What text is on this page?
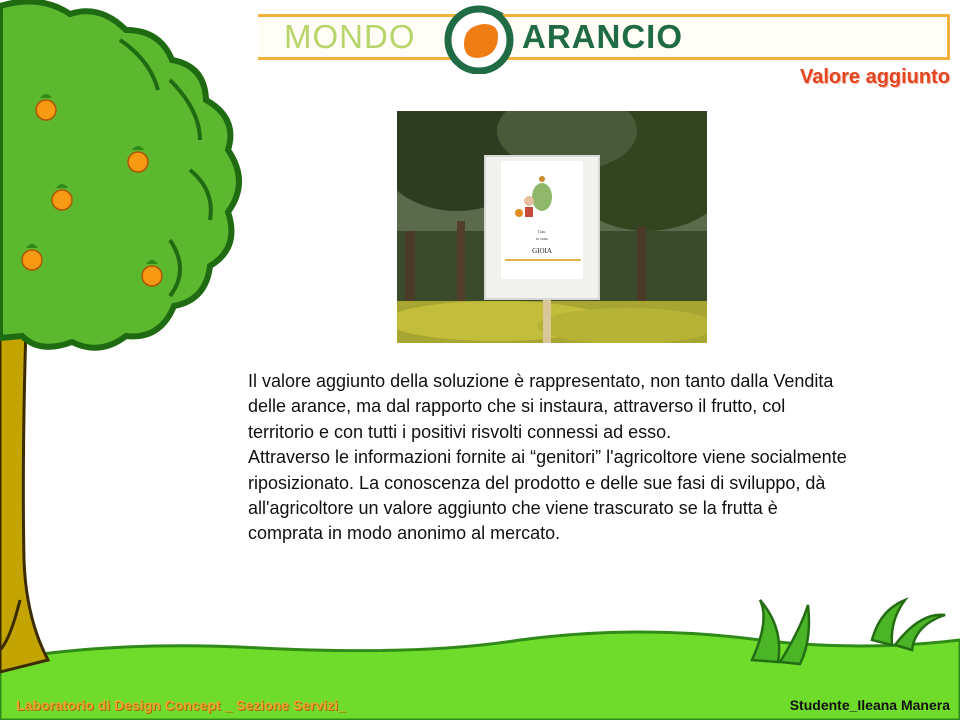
MONDO	ARANCIO
Valore aggiunto
Ciao,
io sono
GIOIA

Il valore aggiunto della soluzione è rappresentato, non tanto dalla Vendita delle arance, ma dal rapporto che si instaura, attraverso il frutto, col territorio e con tutti i positivi risvolti connessi ad esso.

Attraverso le informazioni fornite ai “genitori” l'agricoltore viene socialmente riposizionato. La conoscenza del prodotto e delle sue fasi di sviluppo, dà all'agricoltore un valore aggiunto che viene trascurato se la frutta è comprata in modo anonimo al mercato.

Laboratorio di Design Concept _ Sezione Servizi_	Studente_Ileana Manera
